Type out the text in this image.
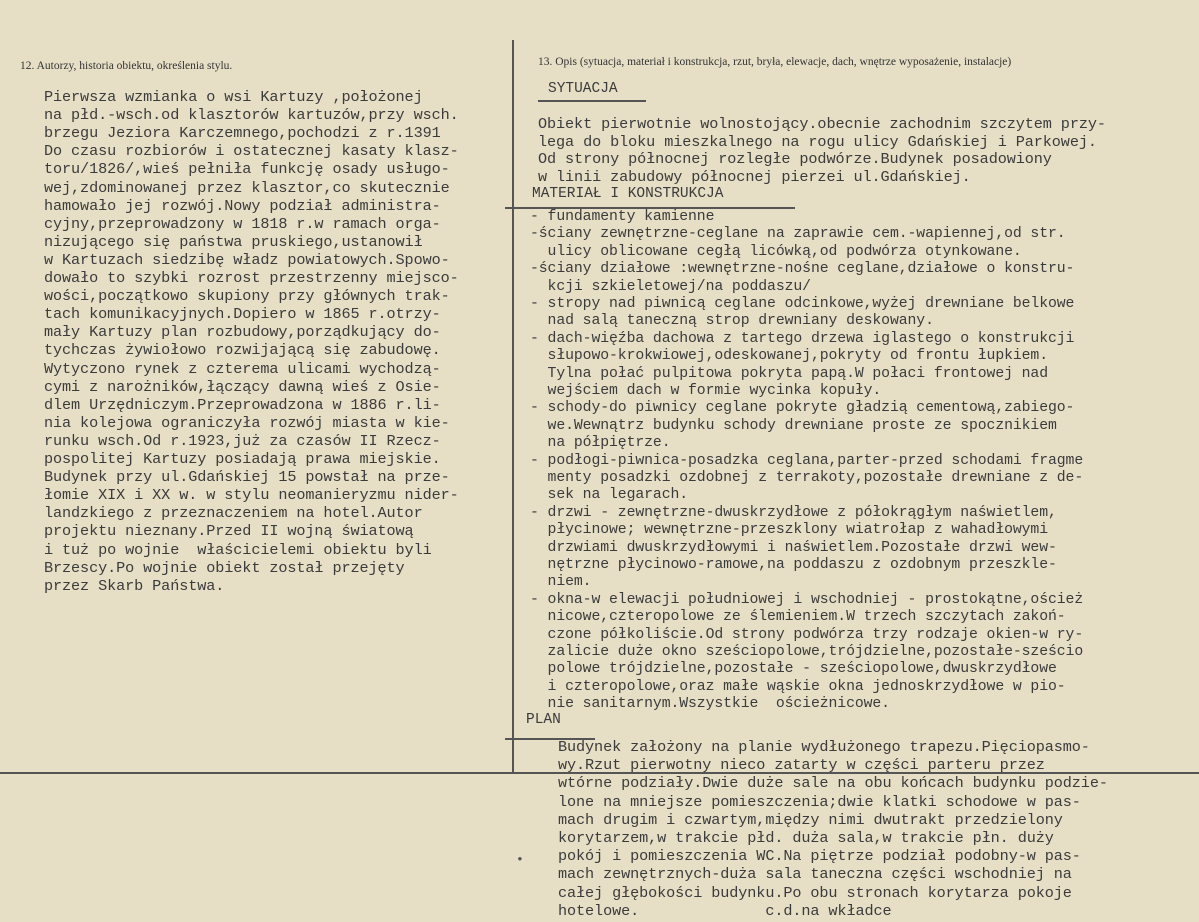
12. Autorzy, historia obiektu, określenia stylu.
Pierwsza wzmianka o wsi Kartuzy ,położonej
na płd.-wsch.od klasztorów kartuzów,przy wsch.
brzegu Jeziora Karczemnego,pochodzi z r.1391
Do czasu rozbiorów i ostatecznej kasaty klasz-
toru/1826/,wieś pełniła funkcję osady usługo-
wej,zdominowanej przez klasztor,co skutecznie
hamowało jej rozwój.Nowy podział administra-
cyjny,przeprowadzony w 1818 r.w ramach orga-
nizującego się państwa pruskiego,ustanowił
w Kartuzach siedzibę władz powiatowych.Spowo-
dowało to szybki rozrost przestrzenny miejsco-
wości,początkowo skupiony przy głównych trak-
tach komunikacyjnych.Dopiero w 1865 r.otrzy-
mały Kartuzy plan rozbudowy,porządkujący do-
tychczas żywiołowo rozwijającą się zabudowę.
Wytyczono rynek z czterema ulicami wychodzą-
cymi z narożników,łączący dawną wieś z Osie-
dlem Urzędniczym.Przeprowadzona w 1886 r.li-
nia kolejowa ograniczyła rozwój miasta w kie-
runku wsch.Od r.1923,już za czasów II Rzecz-
pospolitej Kartuzy posiadają prawa miejskie.
Budynek przy ul.Gdańskiej 15 powstał na prze-
łomie XIX i XX w. w stylu neomanieryzmu nider-
landzkiego z przeznaczeniem na hotel.Autor
projektu nieznany.Przed II wojną światową
i tuż po wojnie  właścicielemi obiektu byli
Brzescy.Po wojnie obiekt został przejęty
przez Skarb Państwa.
13. Opis (sytuacja, materiał i konstrukcja, rzut, bryła, elewacje, dach, wnętrze wyposażenie, instalacje)
SYTUACJA
Obiekt pierwotnie wolnostojący.obecnie zachodnim szczytem przy-
lega do bloku mieszkalnego na rogu ulicy Gdańskiej i Parkowej.
Od strony północnej rozległe podwórze.Budynek posadowiony
w linii zabudowy północnej pierzei ul.Gdańskiej.
MATERIAŁ I KONSTRUKCJA
- fundamenty kamienne
-ściany zewnętrzne-ceglane na zaprawie cem.-wapiennej,od str.
ulicy oblicowane cegłą licówką,od podwórza otynkowane.
-ściany działowe :wewnętrzne-nośne ceglane,działowe o konstru-
kcji szkieletowej/na poddaszu/
- stropy nad piwnicą ceglane odcinkowe,wyżej drewniane belkowe
nad salą taneczną strop drewniany deskowany.
- dach-więźba dachowa z tartego drzewa iglastego o konstrukcji
słupowo-krokwiowej,odeskowanej,pokryty od frontu łupkiem.
Tylna połać pulpitowa pokryta papą.W połaci frontowej nad
wejściem dach w formie wycinka kopuły.
- schody-do piwnicy ceglane pokryte gładzią cementową,zabiego-
we.Wewnątrz budynku schody drewniane proste ze spocznikiem
na półpiętrze.
- podłogi-piwnica-posadzka ceglana,parter-przed schodami fragme
menty posadzki ozdobnej z terrakoty,pozostałe drewniane z de-
sek na legarach.
- drzwi - zewnętrzne-dwuskrzydłowe z półokrągłym naświetlem,
płycinowe; wewnętrzne-przeszklony wiatrołap z wahadłowymi
drzwiami dwuskrzydłowymi i naświetlem.Pozostałe drzwi wew-
nętrzne płycinowo-ramowe,na poddaszu z ozdobnym przeszkle-
niem.
- okna-w elewacji południowej i wschodniej - prostokątne,oścież
nicowe,czteropolowe ze ślemieniem.W trzech szczytach zakoń-
czone półkoliście.Od strony podwórza trzy rodzaje okien-w ry-
zalicie duże okno sześciopolowe,trójdzielne,pozostałe-sześcio
polowe trójdzielne,pozostałe - sześciopolowe,dwuskrzydłowe
i czteropolowe,oraz małe wąskie okna jednoskrzydłowe w pio-
nie sanitarnym.Wszystkie  ościeżnicowe.
PLAN
Budynek założony na planie wydłużonego trapezu.Pięciopasmo-
wy.Rzut pierwotny nieco zatarty w części parteru przez
wtórne podziały.Dwie duże sale na obu końcach budynku podzie-
lone na mniejsze pomieszczenia;dwie klatki schodowe w pas-
mach drugim i czwartym,między nimi dwutrakt przedzielony
korytarzem,w trakcie płd. duża sala,w trakcie płn. duży
pokój i pomieszczenia WC.Na piętrze podział podobny-w pas-
mach zewnętrznych-duża sala taneczna części wschodniej na
całej głębokości budynku.Po obu stronach korytarza pokoje
hotelowe.              c.d.na wkładce
•
